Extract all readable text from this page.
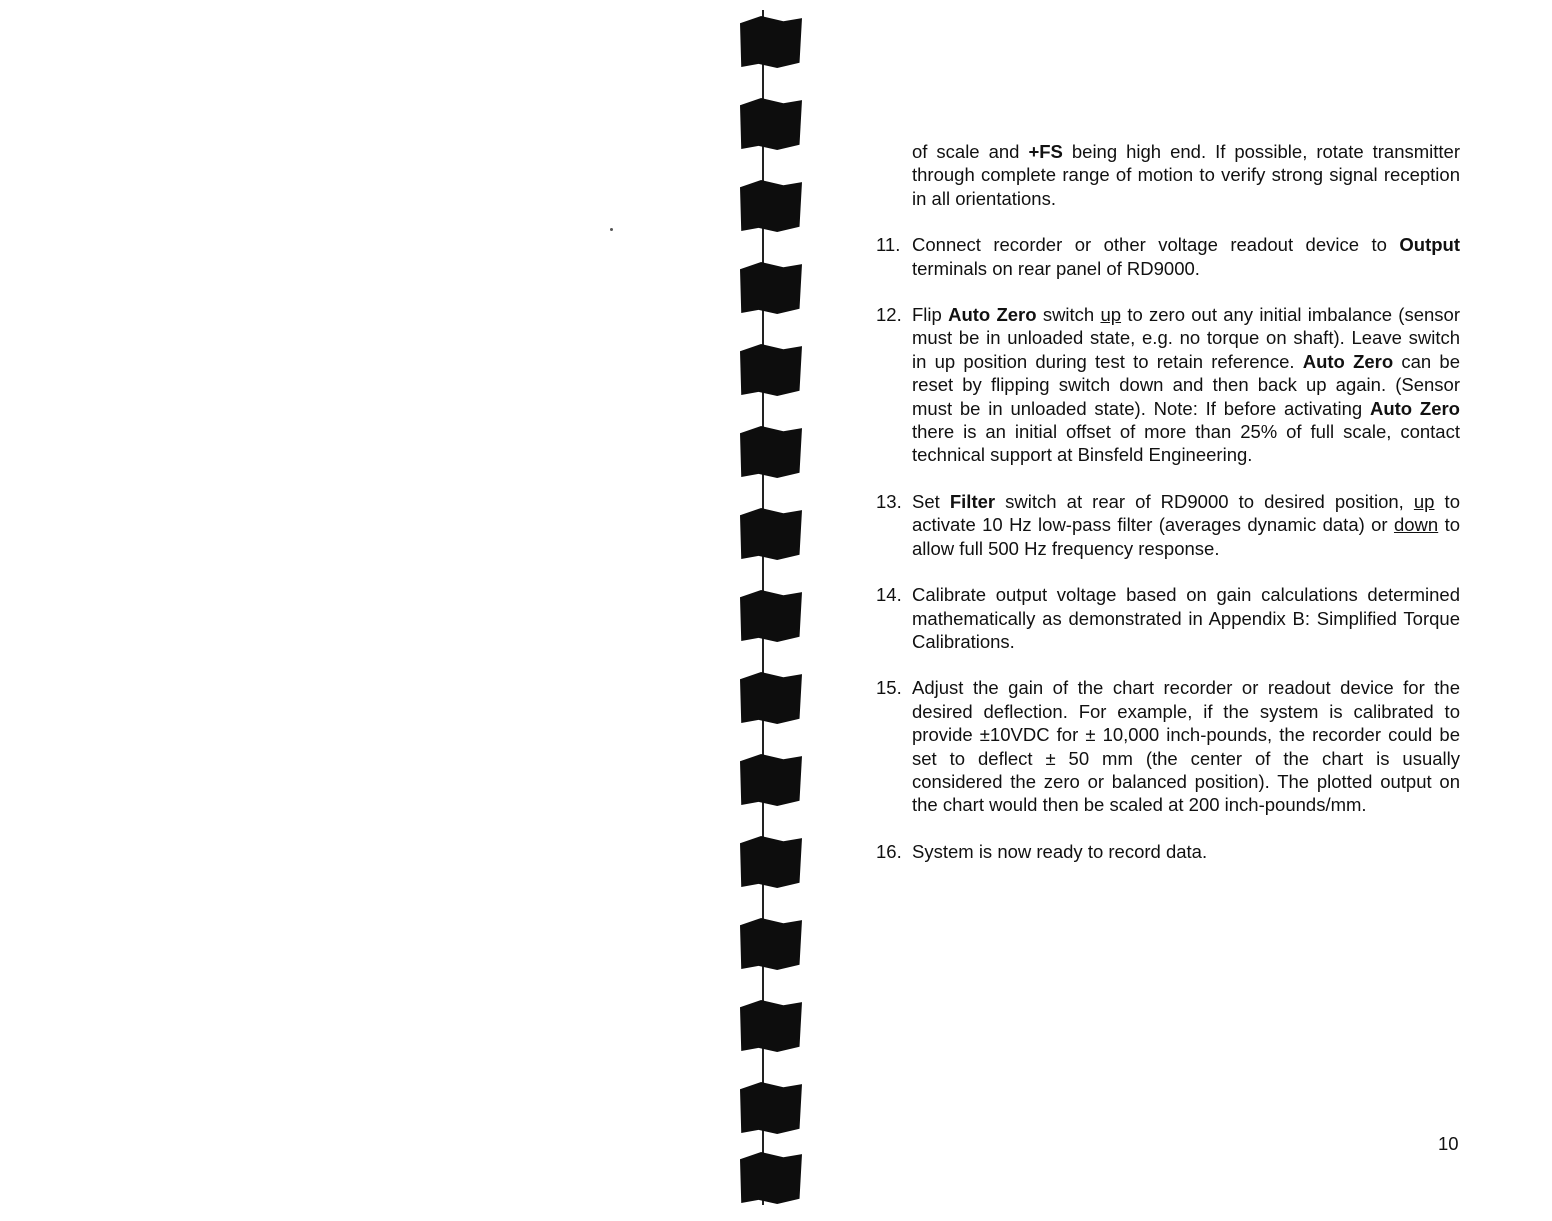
of scale and +FS being high end. If possible, rotate transmitter through complete range of motion to verify strong signal reception in all orientations.

11. Connect recorder or other voltage readout device to Output terminals on rear panel of RD9000.

12. Flip Auto Zero switch up to zero out any initial imbalance (sensor must be in unloaded state, e.g. no torque on shaft). Leave switch in up position during test to retain reference. Auto Zero can be reset by flipping switch down and then back up again. (Sensor must be in unloaded state). Note: If before activating Auto Zero there is an initial offset of more than 25% of full scale, contact technical support at Binsfeld Engineering.

13. Set Filter switch at rear of RD9000 to desired position, up to activate 10 Hz low-pass filter (averages dynamic data) or down to allow full 500 Hz frequency response.

14. Calibrate output voltage based on gain calculations determined mathematically as demonstrated in Appendix B: Simplified Torque Calibrations.

15. Adjust the gain of the chart recorder or readout device for the desired deflection. For example, if the system is calibrated to provide ±10VDC for ± 10,000 inch-pounds, the recorder could be set to deflect ± 50 mm (the center of the chart is usually considered the zero or balanced position). The plotted output on the chart would then be scaled at 200 inch-pounds/mm.

16. System is now ready to record data.

10
